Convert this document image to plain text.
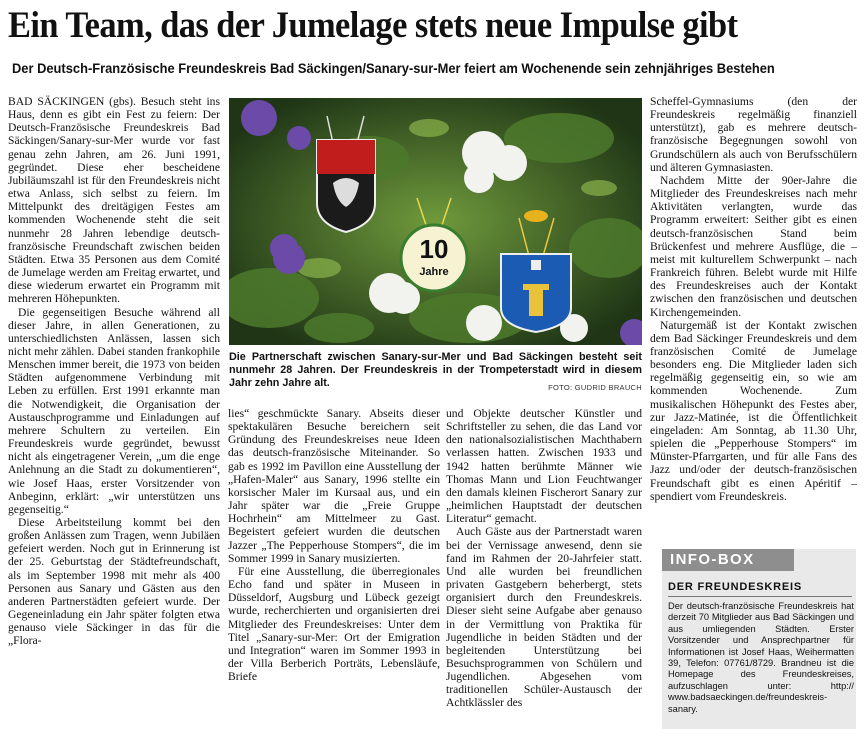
Ein Team, das der Jumelage stets neue Impulse gibt
Der Deutsch-Französische Freundeskreis Bad Säckingen/Sanary-sur-Mer feiert am Wochenende sein zehnjähriges Bestehen

BAD SÄCKINGEN (gbs). Besuch steht ins Haus, denn es gibt ein Fest zu feiern: Der Deutsch-Französische Freundeskreis Bad Säckingen/Sanary-sur-Mer wurde vor fast genau zehn Jahren, am 26. Juni 1991, gegründet. Diese eher bescheidene Jubiläumszahl ist für den Freundeskreis nicht etwa Anlass, sich selbst zu feiern. Im Mittelpunkt des dreitägigen Festes am kommenden Wochenende steht die seit nunmehr 28 Jahren lebendige deutsch-französische Freundschaft zwischen beiden Städten. Etwa 35 Personen aus dem Comité de Jumelage werden am Freitag erwartet, und diese wiederum erwartet ein Programm mit mehreren Höhepunkten.

Die gegenseitigen Besuche während all dieser Jahre, in allen Generationen, zu unterschiedlichsten Anlässen, lassen sich nicht mehr zählen. Dabei standen frankophile Menschen immer bereit, die 1973 von beiden Städten aufgenommene Verbindung mit Leben zu erfüllen. Erst 1991 erkannte man die Notwendigkeit, die Organisation der Austauschprogramme und Einladungen auf mehrere Schultern zu verteilen. Ein Freundeskreis wurde gegründet, bewusst nicht als eingetragener Verein, „um die enge Anlehnung an die Stadt zu dokumentieren“, wie Josef Haas, erster Vorsitzender von Anbeginn, erklärt: „wir unterstützen uns gegenseitig.“

Diese Arbeitsteilung kommt bei den großen Anlässen zum Tragen, wenn Jubiläen gefeiert werden. Noch gut in Erinnerung ist der 25. Geburtstag der Städtefreundschaft, als im September 1998 mit mehr als 400 Personen aus Sanary und Gästen aus den anderen Partnerstädten gefeiert wurde. Der Gegeneinladung ein Jahr später folgten etwa genauso viele Säckinger in das für die „Flora-

10
Jahre
Die Partnerschaft zwischen Sanary-sur-Mer und Bad Säckingen besteht seit nunmehr 28 Jahren. Der Freundeskreis in der Trompeterstadt wird in diesem Jahr zehn Jahre alt.	FOTO: GUDRID BRAUCH

lies“ geschmückte Sanary. Abseits dieser spektakulären Besuche bereichern seit Gründung des Freundeskreises neue Ideen das deutsch-französische Miteinander. So gab es 1992 im Pavillon eine Ausstellung der „Hafen-Maler“ aus Sanary, 1996 stellte ein korsischer Maler im Kursaal aus, und ein Jahr später war die „Freie Gruppe Hochrhein“ am Mittelmeer zu Gast. Begeistert gefeiert wurden die deutschen Jazzer „The Pepperhouse Stompers“, die im Sommer 1999 in Sanary musizierten.

Für eine Ausstellung, die überregionales Echo fand und später in Museen in Düsseldorf, Augsburg und Lübeck gezeigt wurde, recherchierten und organisierten drei Mitglieder des Freundeskreises: Unter dem Titel „Sanary-sur-Mer: Ort der Emigration und Integration“ waren im Sommer 1993 in der Villa Berberich Porträts, Lebensläufe, Briefe

und Objekte deutscher Künstler und Schriftsteller zu sehen, die das Land vor den nationalsozialistischen Machthabern verlassen hatten. Zwischen 1933 und 1942 hatten berühmte Männer wie Thomas Mann und Lion Feuchtwanger den damals kleinen Fischerort Sanary zur „heimlichen Hauptstadt der deutschen Literatur“ gemacht.

Auch Gäste aus der Partnerstadt waren bei der Vernissage anwesend, denn sie fand im Rahmen der 20-Jahrfeier statt. Und alle wurden bei freundlichen privaten Gastgebern beherbergt, stets organisiert durch den Freundeskreis. Dieser sieht seine Aufgabe aber genauso in der Vermittlung von Praktika für Jugendliche in beiden Städten und der begleitenden Unterstützung bei Besuchsprogrammen von Schülern und Jugendlichen. Abgesehen vom traditionellen Schüler-Austausch der Achtklässler des

Scheffel-Gymnasiums (den der Freundeskreis regelmäßig finanziell unterstützt), gab es mehrere deutsch-französische Begegnungen sowohl von Grundschülern als auch von Berufsschülern und älteren Gymnasiasten.

Nachdem Mitte der 90er-Jahre die Mitglieder des Freundeskreises nach mehr Aktivitäten verlangten, wurde das Programm erweitert: Seither gibt es einen deutsch-französischen Stand beim Brückenfest und mehrere Ausflüge, die – meist mit kulturellem Schwerpunkt – nach Frankreich führen. Belebt wurde mit Hilfe des Freundeskreises auch der Kontakt zwischen den französischen und deutschen Kirchengemeinden.

Naturgemäß ist der Kontakt zwischen dem Bad Säckinger Freundeskreis und dem französischen Comité de Jumelage besonders eng. Die Mitglieder laden sich regelmäßig gegenseitig ein, so wie am kommenden Wochenende. Zum musikalischen Höhepunkt des Festes aber, zur Jazz-Matinée, ist die Öffentlichkeit eingeladen: Am Sonntag, ab 11.30 Uhr, spielen die „Pepperhouse Stompers“ im Münster-Pfarrgarten, und für alle Fans des Jazz und/oder der deutsch-französischen Freundschaft gibt es einen Apéritif – spendiert vom Freundeskreis.

INFO-BOX
DER FREUNDESKREIS
Der deutsch-französische Freundeskreis hat derzeit 70 Mitglieder aus Bad Säckingen und aus umliegenden Städten. Erster Vorsitzender und Ansprechpartner für Informationen ist Josef Haas, Weihermatten 39, Telefon: 07761/8729. Brandneu ist die Homepage des Freundeskreises, aufzuschlagen unter: http:// www.badsaeckingen.de/freundeskreis-sanary.
